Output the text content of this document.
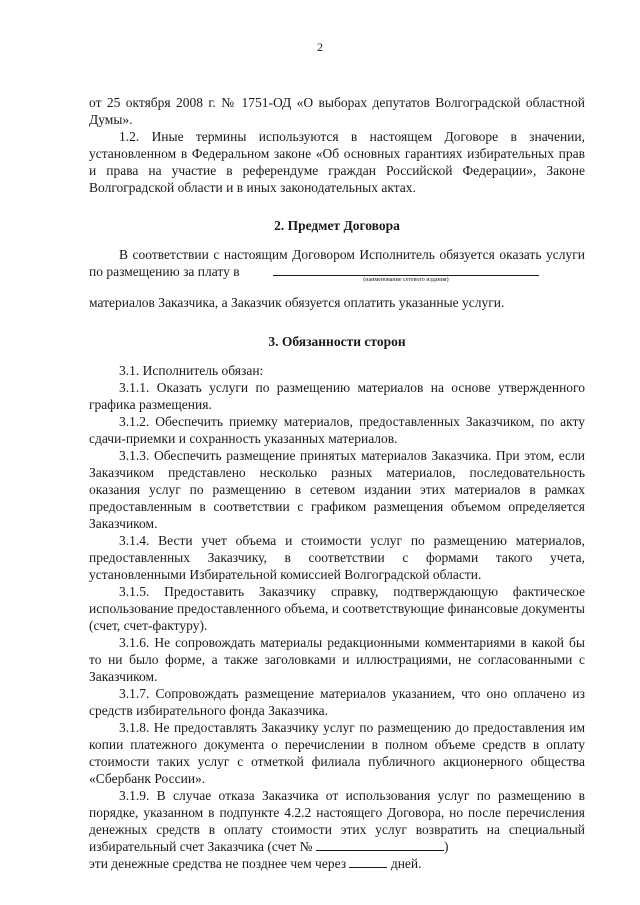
2

от 25 октября 2008 г. № 1751-ОД «О выборах депутатов Волгоградской областной Думы».

1.2. Иные термины используются в настоящем Договоре в значении, установленном в Федеральном законе «Об основных гарантиях избирательных прав и права на участие в референдуме граждан Российской Федерации», Законе Волгоградской области и в иных законодательных актах.

2. Предмет Договора

В соответствии с настоящим Договором Исполнитель обязуется оказать услуги по размещению за плату в
(наименование сетевого издания)

материалов Заказчика, а Заказчик обязуется оплатить указанные услуги.

3. Обязанности сторон

3.1. Исполнитель обязан:

3.1.1. Оказать услуги по размещению материалов на основе утвержденного графика размещения.

3.1.2. Обеспечить приемку материалов, предоставленных Заказчиком, по акту сдачи-приемки и сохранность указанных материалов.

3.1.3. Обеспечить размещение принятых материалов Заказчика. При этом, если Заказчиком представлено несколько разных материалов, последовательность оказания услуг по размещению в сетевом издании этих материалов в рамках предоставленным в соответствии с графиком размещения объемом определяется Заказчиком.

3.1.4. Вести учет объема и стоимости услуг по размещению материалов, предоставленных Заказчику, в соответствии с формами такого учета, установленными Избирательной комиссией Волгоградской области.

3.1.5. Предоставить Заказчику справку, подтверждающую фактическое использование предоставленного объема, и соответствующие финансовые документы (счет, счет-фактуру).

3.1.6. Не сопровождать материалы редакционными комментариями в какой бы то ни было форме, а также заголовками и иллюстрациями, не согласованными с Заказчиком.

3.1.7. Сопровождать размещение материалов указанием, что оно оплачено из средств избирательного фонда Заказчика.

3.1.8. Не предоставлять Заказчику услуг по размещению до предоставления им копии платежного документа о перечислении в полном объеме средств в оплату стоимости таких услуг с отметкой филиала публичного акционерного общества «Сбербанк России».

3.1.9. В случае отказа Заказчика от использования услуг по размещению в порядке, указанном в подпункте 4.2.2 настоящего Договора, но после перечисления денежных средств в оплату стоимости этих услуг возвратить на специальный избирательный счет Заказчика (счет №	)

эти денежные средства не позднее чем через	дней.
